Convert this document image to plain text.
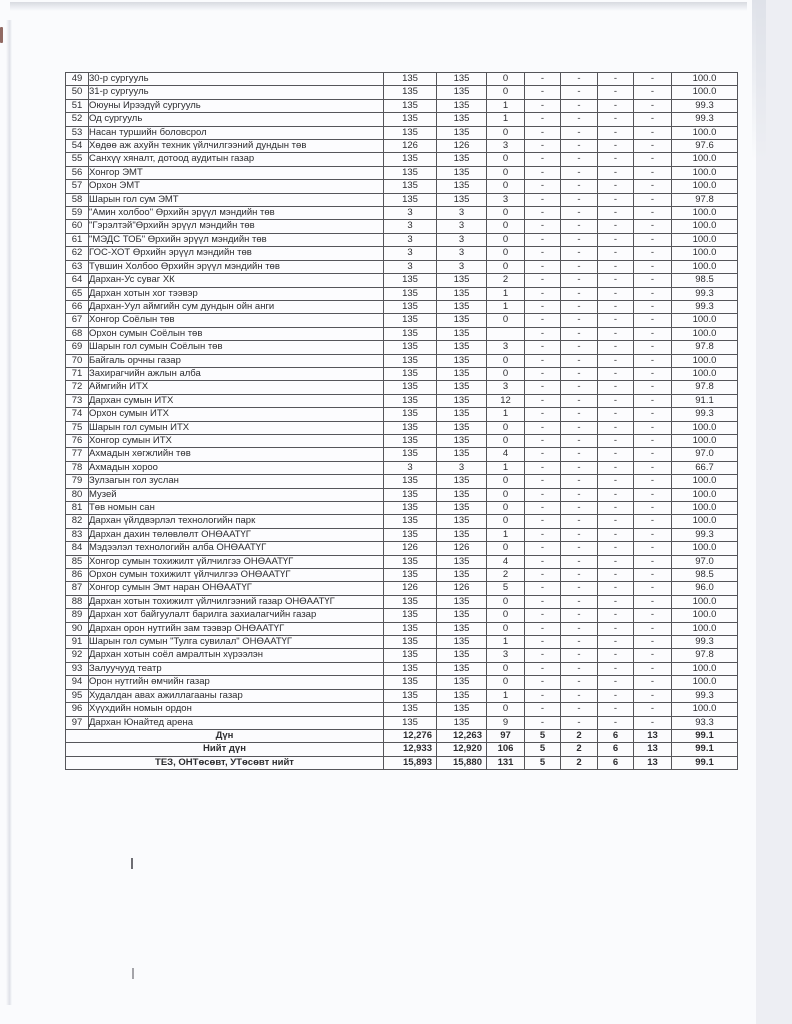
49	30-р сургууль	135	135	0	-	-	-	-	100.0
50	31-р сургууль	135	135	0	-	-	-	-	100.0
51	Оюуны Ирээдүй сургууль	135	135	1	-	-	-	-	99.3
52	Од сургууль	135	135	1	-	-	-	-	99.3
53	Насан туршийн боловсрол	135	135	0	-	-	-	-	100.0
54	Хөдөө аж ахуйн техник үйлчилгээний дундын төв	126	126	3	-	-	-	-	97.6
55	Санхүү хяналт, дотоод аудитын газар	135	135	0	-	-	-	-	100.0
56	Хонгор ЭМТ	135	135	0	-	-	-	-	100.0
57	Орхон ЭМТ	135	135	0	-	-	-	-	100.0
58	Шарын гол сум ЭМТ	135	135	3	-	-	-	-	97.8
59	"Амин холбоо" Өрхийн эрүүл мэндийн төв	3	3	0	-	-	-	-	100.0
60	"Гэрэлтэй"Өрхийн эрүүл мэндийн төв	3	3	0	-	-	-	-	100.0
61	"МЭДС ТОБ" Өрхийн эрүүл мэндийн төв	3	3	0	-	-	-	-	100.0
62	ГОС-ХОТ Өрхийн эрүүл мэндийн төв	3	3	0	-	-	-	-	100.0
63	Түвшин Холбоо Өрхийн эрүүл мэндийн төв	3	3	0	-	-	-	-	100.0
64	Дархан-Ус суваг ХК	135	135	2	-	-	-	-	98.5
65	Дархан хотын хог тээвэр	135	135	1	-	-	-	-	99.3
66	Дархан-Уул аймгийн сум дундын ойн анги	135	135	1	-	-	-	-	99.3
67	Хонгор Соёлын төв	135	135	0	-	-	-	-	100.0
68	Орхон сумын Соёлын төв	135	135		-	-	-	-	100.0
69	Шарын гол сумын Соёлын төв	135	135	3	-	-	-	-	97.8
70	Байгаль орчны газар	135	135	0	-	-	-	-	100.0
71	Захирагчийн ажлын алба	135	135	0	-	-	-	-	100.0
72	Аймгийн ИТХ	135	135	3	-	-	-	-	97.8
73	Дархан сумын ИТХ	135	135	12	-	-	-	-	91.1
74	Орхон сумын ИТХ	135	135	1	-	-	-	-	99.3
75	Шарын гол сумын ИТХ	135	135	0	-	-	-	-	100.0
76	Хонгор сумын ИТХ	135	135	0	-	-	-	-	100.0
77	Ахмадын хөгжлийн төв	135	135	4	-	-	-	-	97.0
78	Ахмадын хороо	3	3	1	-	-	-	-	66.7
79	Зулзагын гол зуслан	135	135	0	-	-	-	-	100.0
80	Музей	135	135	0	-	-	-	-	100.0
81	Төв номын сан	135	135	0	-	-	-	-	100.0
82	Дархан үйлдвэрлэл технологийн парк	135	135	0	-	-	-	-	100.0
83	Дархан дахин төлөвлөлт ОНӨААТҮГ	135	135	1	-	-	-	-	99.3
84	Мэдээлэл технологийн алба ОНӨААТҮГ	126	126	0	-	-	-	-	100.0
85	Хонгор сумын тохижилт үйлчилгээ ОНӨААТҮГ	135	135	4	-	-	-	-	97.0
86	Орхон сумын тохижилт үйлчилгээ ОНӨААТҮГ	135	135	2	-	-	-	-	98.5
87	Хонгор сумын Эмт наран ОНӨААТҮГ	126	126	5	-	-	-	-	96.0
88	Дархан хотын тохижилт үйлчилгээний газар ОНӨААТҮГ	135	135	0	-	-	-	-	100.0
89	Дархан хот байгуулалт барилга захиалагчийн газар	135	135	0	-	-	-	-	100.0
90	Дархан орон нутгийн зам тээвэр ОНӨААТҮГ	135	135	0	-	-	-	-	100.0
91	Шарын гол сумын "Тулга сувилал" ОНӨААТҮГ	135	135	1	-	-	-	-	99.3
92	Дархан хотын соёл амралтын хүрээлэн	135	135	3	-	-	-	-	97.8
93	Залуучууд театр	135	135	0	-	-	-	-	100.0
94	Орон нутгийн өмчийн газар	135	135	0	-	-	-	-	100.0
95	Худалдан авах ажиллагааны газар	135	135	1	-	-	-	-	99.3
96	Хүүхдийн номын ордон	135	135	0	-	-	-	-	100.0
97	Дархан Юнайтед арена	135	135	9	-	-	-	-	93.3
Дүн		12,276	12,263	97	5	2	6	13	99.1
Нийт дүн		12,933	12,920	106	5	2	6	13	99.1
ТЕЗ, ОНТөсөвт, УТөсөвт нийт		15,893	15,880	131	5	2	6	13	99.1
